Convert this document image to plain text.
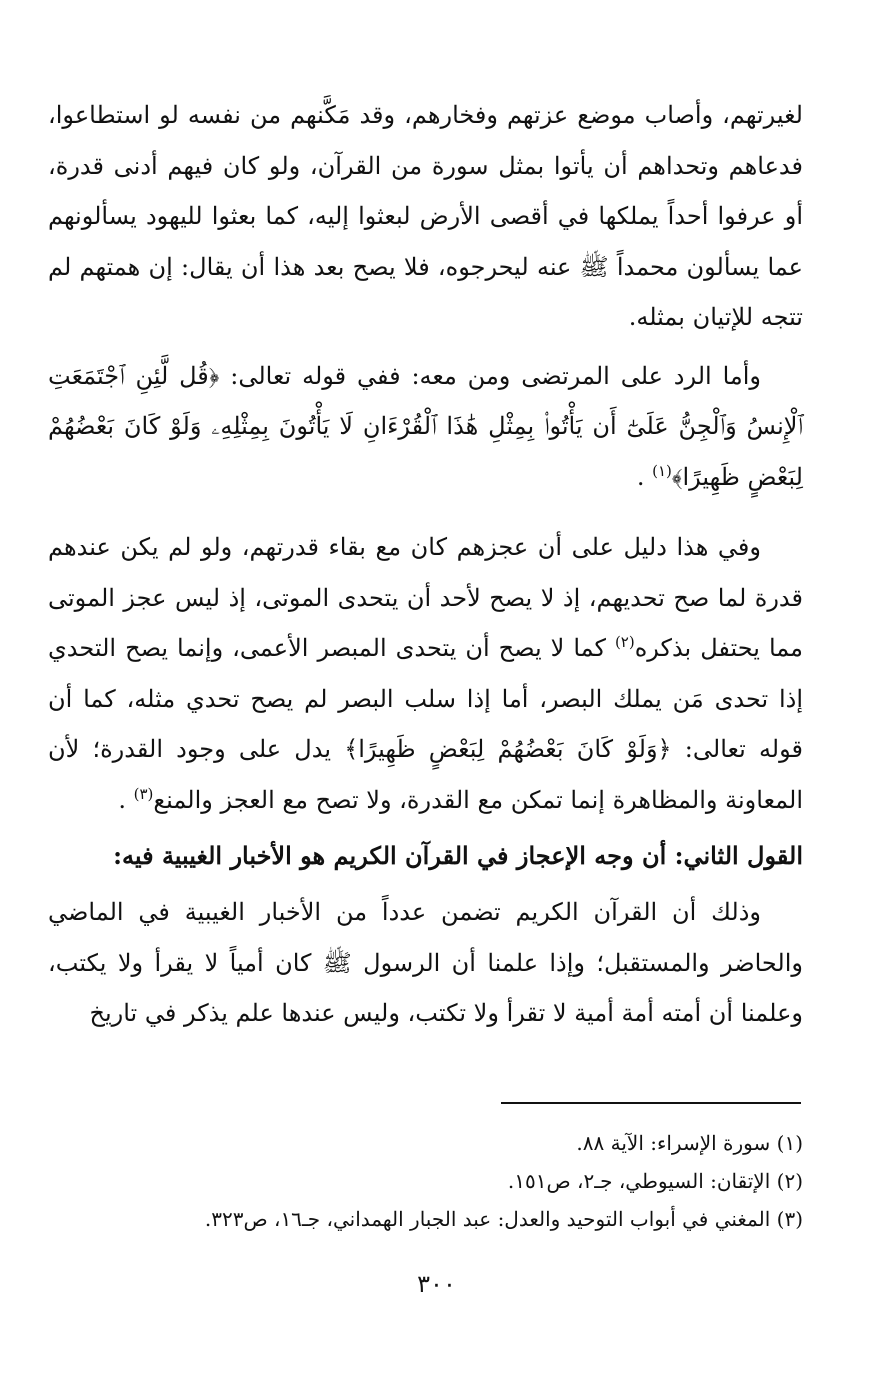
لغيرتهم، وأصاب موضع عزتهم وفخارهم، وقد مَكَّنهم من نفسه لو استطاعوا، فدعاهم وتحداهم أن يأتوا بمثل سورة من القرآن، ولو كان فيهم أدنى قدرة، أو عرفوا أحداً يملكها في أقصى الأرض لبعثوا إليه، كما بعثوا لليهود يسألونهم عما يسألون محمداً ﷺ عنه ليحرجوه، فلا يصح بعد هذا أن يقال: إن همتهم لم تتجه للإتيان بمثله.

وأما الرد على المرتضى ومن معه: ففي قوله تعالى: ﴿قُل لَّئِنِ ٱجْتَمَعَتِ ٱلْإِنسُ وَٱلْجِنُّ عَلَىٰٓ أَن يَأْتُوا۟ بِمِثْلِ هَٰذَا ٱلْقُرْءَانِ لَا يَأْتُونَ بِمِثْلِهِۦ وَلَوْ كَانَ بَعْضُهُمْ لِبَعْضٍ ظَهِيرًا﴾$^{(١)}$ .

وفي هذا دليل على أن عجزهم كان مع بقاء قدرتهم، ولو لم يكن عندهم قدرة لما صح تحديهم، إذ لا يصح لأحد أن يتحدى الموتى، إذ ليس عجز الموتى مما يحتفل بذكره$^{(٢)}$ كما لا يصح أن يتحدى المبصر الأعمى، وإنما يصح التحدي إذا تحدى مَن يملك البصر، أما إذا سلب البصر لم يصح تحدي مثله، كما أن قوله تعالى: ﴿وَلَوْ كَانَ بَعْضُهُمْ لِبَعْضٍ ظَهِيرًا﴾ يدل على وجود القدرة؛ لأن المعاونة والمظاهرة إنما تمكن مع القدرة، ولا تصح مع العجز والمنع$^{(٣)}$ .

القول الثاني: أن وجه الإعجاز في القرآن الكريم هو الأخبار الغيبية فيه:

وذلك أن القرآن الكريم تضمن عدداً من الأخبار الغيبية في الماضي والحاضر والمستقبل؛ وإذا علمنا أن الرسول ﷺ كان أمياً لا يقرأ ولا يكتب، وعلمنا أن أمته أمة أمية لا تقرأ ولا تكتب، وليس عندها علم يذكر في تاريخ

(١) سورة الإسراء: الآية ٨٨.

(٢) الإتقان: السيوطي، جـ٢، ص١٥١.

(٣) المغني في أبواب التوحيد والعدل: عبد الجبار الهمداني، جـ١٦، ص٣٢٣.

٣٠٠
